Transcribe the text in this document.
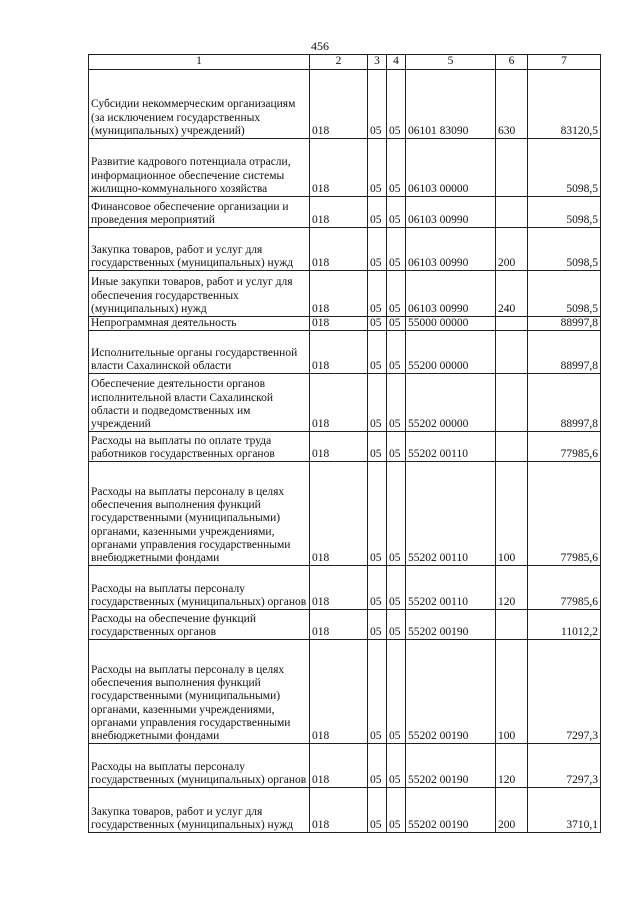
456
1	2	3	4	5	6	7
Субсидии некоммерческим организациям (за исключением государственных (муниципальных) учреждений)	018	05	05	06101 83090	630	83120,5
Развитие кадрового потенциала отрасли, информационное обеспечение системы жилищно-коммунального хозяйства	018	05	05	06103 00000		5098,5
Финансовое обеспечение организации и проведения мероприятий	018	05	05	06103 00990		5098,5
Закупка товаров, работ и услуг для государственных (муниципальных) нужд	018	05	05	06103 00990	200	5098,5
Иные закупки товаров, работ и услуг для обеспечения государственных (муниципальных) нужд	018	05	05	06103 00990	240	5098,5
Непрограммная деятельность	018	05	05	55000 00000		88997,8
Исполнительные органы государственной власти Сахалинской области	018	05	05	55200 00000		88997,8
Обеспечение деятельности органов исполнительной власти Сахалинской области и подведомственных им учреждений	018	05	05	55202 00000		88997,8
Расходы на выплаты по оплате труда работников государственных органов	018	05	05	55202 00110		77985,6
Расходы на выплаты персоналу в целях обеспечения выполнения функций государственными (муниципальными) органами, казенными учреждениями, органами управления государственными внебюджетными фондами	018	05	05	55202 00110	100	77985,6
Расходы на выплаты персоналу государственных (муниципальных) органов	018	05	05	55202 00110	120	77985,6
Расходы на обеспечение функций государственных органов	018	05	05	55202 00190		11012,2
Расходы на выплаты персоналу в целях обеспечения выполнения функций государственными (муниципальными) органами, казенными учреждениями, органами управления государственными внебюджетными фондами	018	05	05	55202 00190	100	7297,3
Расходы на выплаты персоналу государственных (муниципальных) органов	018	05	05	55202 00190	120	7297,3
Закупка товаров, работ и услуг для государственных (муниципальных) нужд	018	05	05	55202 00190	200	3710,1
